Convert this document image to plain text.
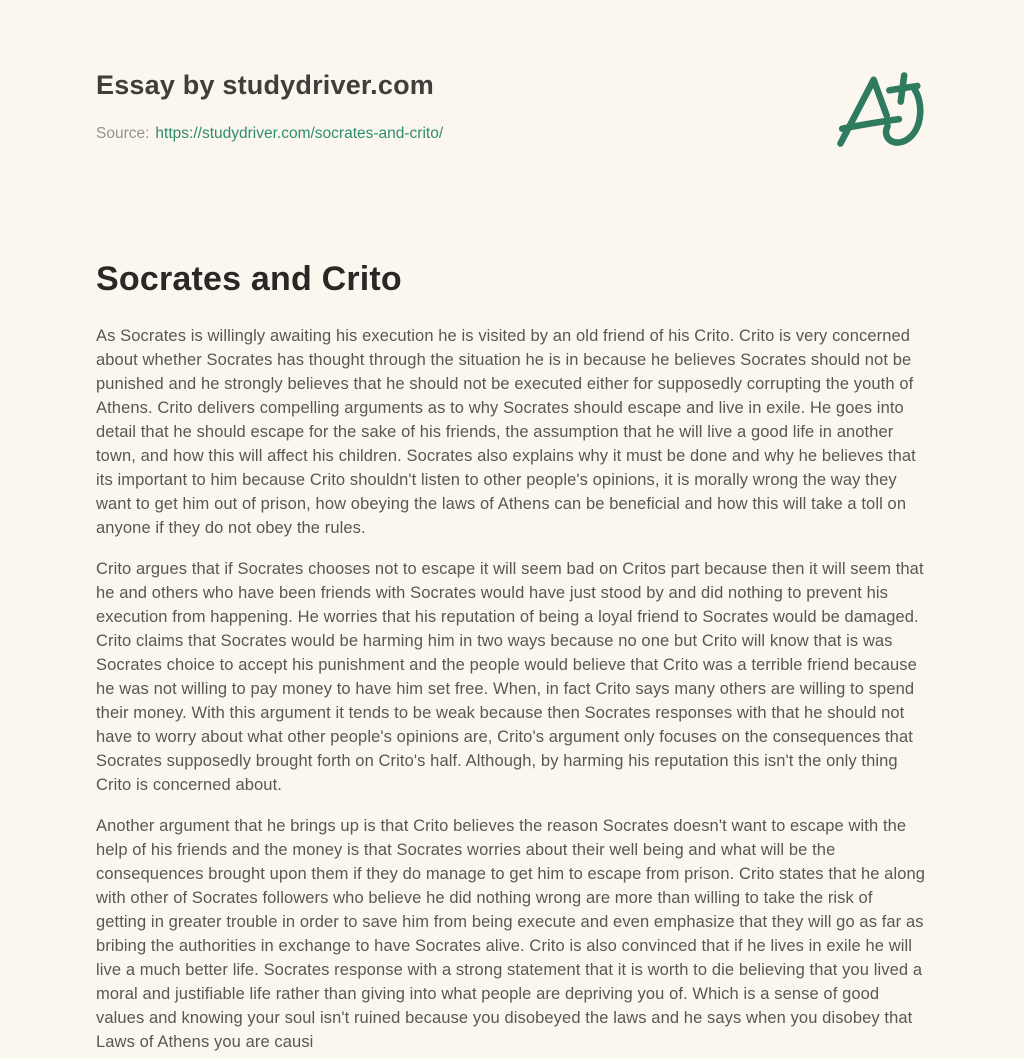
Essay by studydriver.com
Source: https://studydriver.com/socrates-and-crito/
Socrates and Crito

As Socrates is willingly awaiting his execution he is visited by an old friend of his Crito. Crito is very concerned about whether Socrates has thought through the situation he is in because he believes Socrates should not be punished and he strongly believes that he should not be executed either for supposedly corrupting the youth of Athens. Crito delivers compelling arguments as to why Socrates should escape and live in exile. He goes into detail that he should escape for the sake of his friends, the assumption that he will live a good life in another town, and how this will affect his children. Socrates also explains why it must be done and why he believes that its important to him because Crito shouldn't listen to other people's opinions, it is morally wrong the way they want to get him out of prison, how obeying the laws of Athens can be beneficial and how this will take a toll on anyone if they do not obey the rules.

Crito argues that if Socrates chooses not to escape it will seem bad on Critos part because then it will seem that he and others who have been friends with Socrates would have just stood by and did nothing to prevent his execution from happening. He worries that his reputation of being a loyal friend to Socrates would be damaged. Crito claims that Socrates would be harming him in two ways because no one but Crito will know that is was Socrates choice to accept his punishment and the people would believe that Crito was a terrible friend because he was not willing to pay money to have him set free. When, in fact Crito says many others are willing to spend their money. With this argument it tends to be weak because then Socrates responses with that he should not have to worry about what other people's opinions are, Crito's argument only focuses on the consequences that Socrates supposedly brought forth on Crito's half. Although, by harming his reputation this isn't the only thing Crito is concerned about.

Another argument that he brings up is that Crito believes the reason Socrates doesn't want to escape with the help of his friends and the money is that Socrates worries about their well being and what will be the consequences brought upon them if they do manage to get him to escape from prison. Crito states that he along with other of Socrates followers who believe he did nothing wrong are more than willing to take the risk of getting in greater trouble in order to save him from being execute and even emphasize that they will go as far as bribing the authorities in exchange to have Socrates alive. Crito is also convinced that if he lives in exile he will live a much better life. Socrates response with a strong statement that it is worth to die believing that you lived a moral and justifiable life rather than giving into what people are depriving you of. Which is a sense of good values and knowing your soul isn't ruined because you disobeyed the laws and he says when you disobey that Laws of Athens you are causi
